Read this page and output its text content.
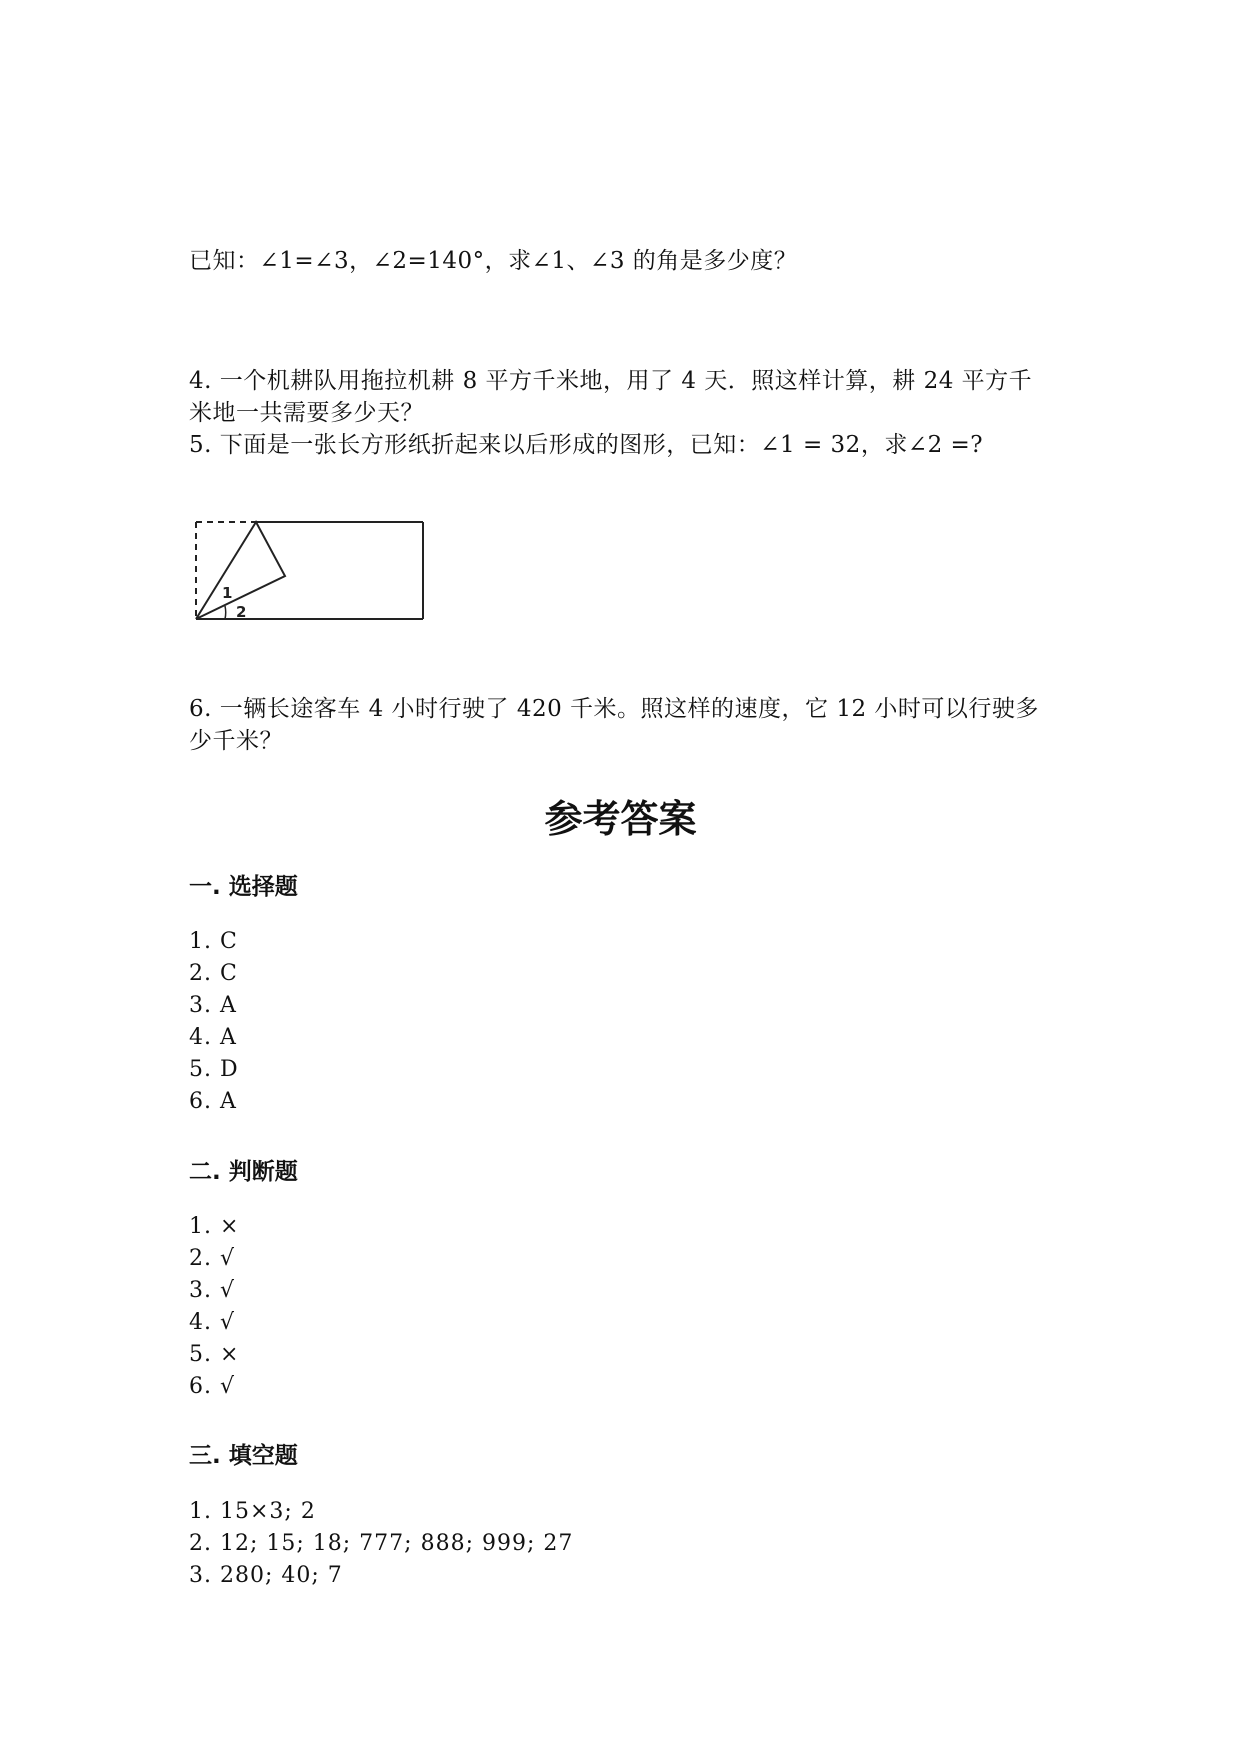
已知：∠1=∠3，∠2=140°，求∠1、∠3 的角是多少度？
4. 一个机耕队用拖拉机耕 8 平方千米地，用了 4 天．照这样计算，耕 24 平方千
米地一共需要多少天？
5. 下面是一张长方形纸折起来以后形成的图形，已知：∠1 = 32，求∠2 =?
1
2
6. 一辆长途客车 4 小时行驶了 420 千米。照这样的速度，它 12 小时可以行驶多
少千米？
参考答案
一. 选择题
1. C
2. C
3. A
4. A
5. D
6. A
二. 判断题
1. ×
2. √
3. √
4. √
5. ×
6. √
三. 填空题
1. 15×3; 2
2. 12; 15; 18; 777; 888; 999; 27
3. 280; 40; 7
